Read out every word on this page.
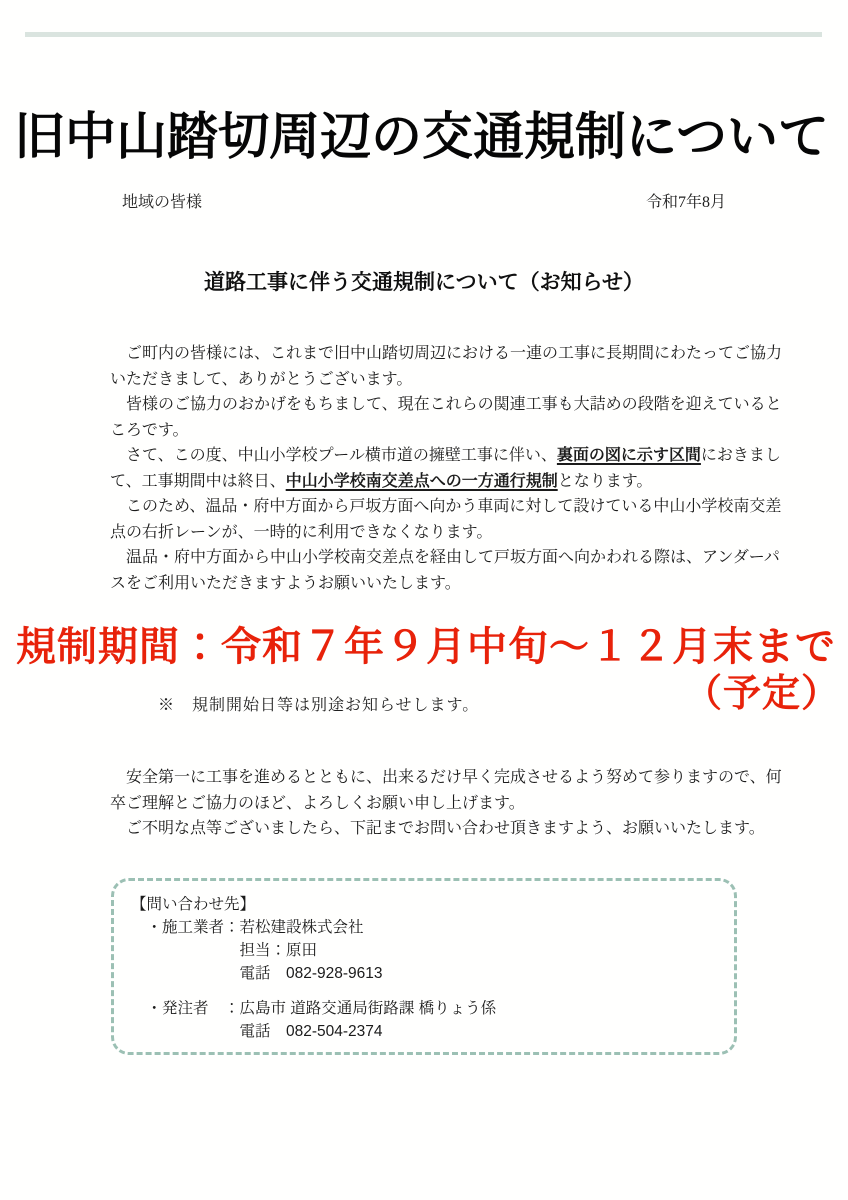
旧中山踏切周辺の交通規制について
地域の皆様	令和7年8月
道路工事に伴う交通規制について（お知らせ）
　ご町内の皆様には、これまで旧中山踏切周辺における一連の工事に長期間にわたってご協力
いただきまして、ありがとうございます。
　皆様のご協力のおかげをもちまして、現在これらの関連工事も大詰めの段階を迎えていると
ころです。
　さて、この度、中山小学校プール横市道の擁壁工事に伴い、裏面の図に示す区間におきまし
て、工事期間中は終日、中山小学校南交差点への一方通行規制となります。
　このため、温品・府中方面から戸坂方面へ向かう車両に対して設けている中山小学校南交差
点の右折レーンが、一時的に利用できなくなります。
　温品・府中方面から中山小学校南交差点を経由して戸坂方面へ向かわれる際は、アンダーパ
スをご利用いただきますようお願いいたします。
規制期間：令和７年９月中旬～１２月末まで
（予定）
※　規制開始日等は別途お知らせします。
　安全第一に工事を進めるとともに、出来るだけ早く完成させるよう努めて参りますので、何
卒ご理解とご協力のほど、よろしくお願い申し上げます。
　ご不明な点等ございましたら、下記までお問い合わせ頂きますよう、お願いいたします。
【問い合わせ先】
　・施工業者：若松建設株式会社
　　　　　　　担当：原田
　　　　　　　電話　082-928-9613

　・発注者　：広島市 道路交通局街路課 橋りょう係
　　　　　　　電話　082-504-2374
